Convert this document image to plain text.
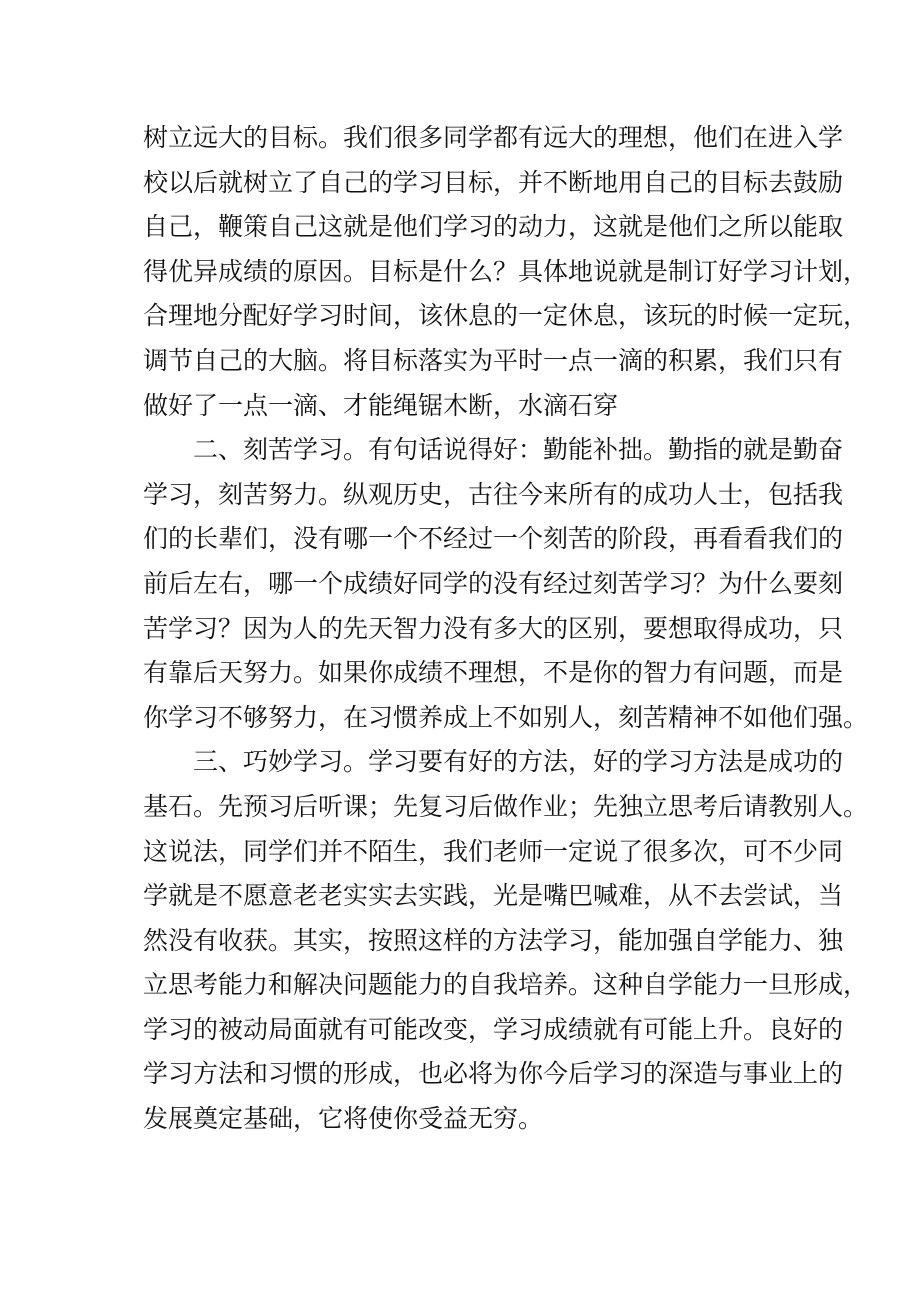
树立远大的目标。我们很多同学都有远大的理想，他们在进入学
校以后就树立了自己的学习目标，并不断地用自己的目标去鼓励
自己，鞭策自己这就是他们学习的动力，这就是他们之所以能取
得优异成绩的原因。目标是什么？具体地说就是制订好学习计划，
合理地分配好学习时间，该休息的一定休息，该玩的时候一定玩，
调节自己的大脑。将目标落实为平时一点一滴的积累，我们只有
做好了一点一滴、才能绳锯木断，水滴石穿
二、刻苦学习。有句话说得好：勤能补拙。勤指的就是勤奋
学习，刻苦努力。纵观历史，古往今来所有的成功人士，包括我
们的长辈们，没有哪一个不经过一个刻苦的阶段，再看看我们的
前后左右，哪一个成绩好同学的没有经过刻苦学习？为什么要刻
苦学习？因为人的先天智力没有多大的区别，要想取得成功，只
有靠后天努力。如果你成绩不理想，不是你的智力有问题，而是
你学习不够努力，在习惯养成上不如别人，刻苦精神不如他们强。
三、巧妙学习。学习要有好的方法，好的学习方法是成功的
基石。先预习后听课；先复习后做作业；先独立思考后请教别人。
这说法，同学们并不陌生，我们老师一定说了很多次，可不少同
学就是不愿意老老实实去实践，光是嘴巴喊难，从不去尝试，当
然没有收获。其实，按照这样的方法学习，能加强自学能力、独
立思考能力和解决问题能力的自我培养。这种自学能力一旦形成，
学习的被动局面就有可能改变，学习成绩就有可能上升。良好的
学习方法和习惯的形成，也必将为你今后学习的深造与事业上的
发展奠定基础，它将使你受益无穷。
